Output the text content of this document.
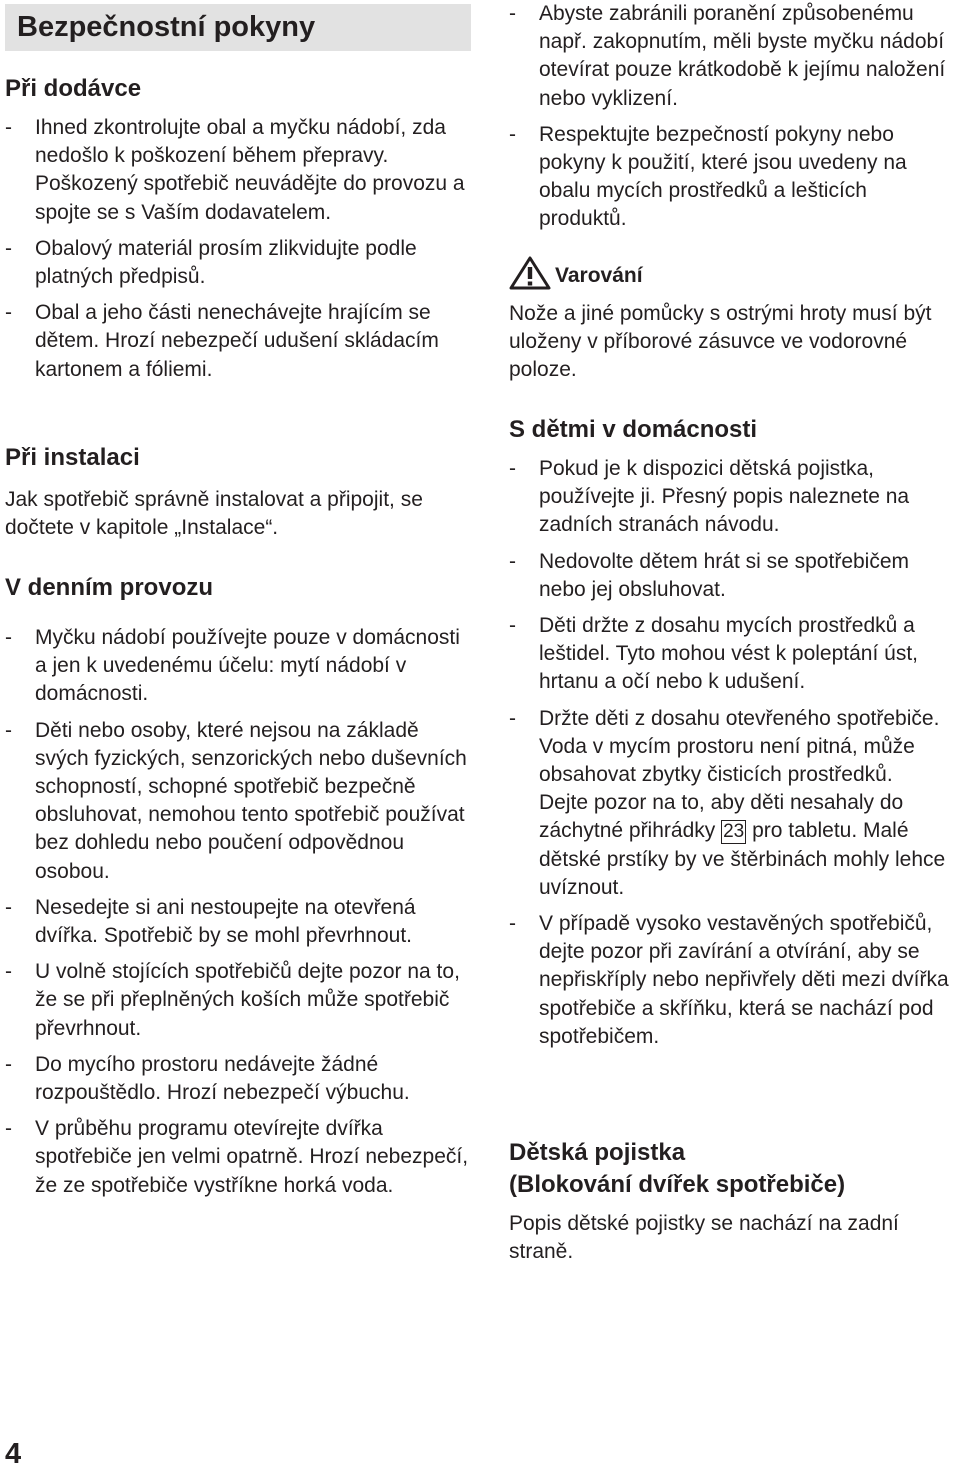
Bezpečnostní pokyny
Při dodávce
- Ihned zkontrolujte obal a myčku nádobí, zda nedošlo k poškození během přepravy. Poškozený spotřebič neuvádějte do provozu a spojte se s Vaším dodavatelem.
- Obalový materiál prosím zlikvidujte podle platných předpisů.
- Obal a jeho části nenechávejte hrajícím se dětem. Hrozí nebezpečí udušení skládacím kartonem a fóliemi.
Při instalaci

Jak spotřebič správně instalovat a připojit, se dočtete v kapitole „Instalace“.

V denním provozu
- Myčku nádobí používejte pouze v domácnosti a jen k uvedenému účelu: mytí nádobí v domácnosti.
- Děti nebo osoby, které nejsou na základě svých fyzických, senzorických nebo duševních schopností, schopné spotřebič bezpečně obsluhovat, nemohou tento spotřebič používat bez dohledu nebo poučení odpovědnou osobou.
- Nesedejte si ani nestoupejte na otevřená dvířka. Spotřebič by se mohl převrhnout.
- U volně stojících spotřebičů dejte pozor na to, že se při přeplněných koších může spotřebič převrhnout.
- Do mycího prostoru nedávejte žádné rozpouštědlo. Hrozí nebezpečí výbuchu.
- V průběhu programu otevírejte dvířka spotřebiče jen velmi opatrně. Hrozí nebezpečí, že ze spotřebiče vystříkne horká voda.
- Abyste zabránili poranění způsobenému např. zakopnutím, měli byste myčku nádobí otevírat pouze krátkodobě k jejímu naložení nebo vyklizení.
- Respektujte bezpečností pokyny nebo pokyny k použití, které jsou uvedeny na obalu mycích prostředků a lešticích produktů.
Varování

Nože a jiné pomůcky s ostrými hroty musí být uloženy v příborové zásuvce ve vodorovné poloze.

S dětmi v domácnosti
- Pokud je k dispozici dětská pojistka, používejte ji. Přesný popis naleznete na zadních stranách návodu.
- Nedovolte dětem hrát si se spotřebičem nebo jej obsluhovat.
- Děti držte z dosahu mycích prostředků a leštidel. Tyto mohou vést k poleptání úst, hrtanu a očí nebo k udušení.
- Držte děti z dosahu otevřeného spotřebiče. Voda v mycím prostoru není pitná, může obsahovat zbytky čisticích prostředků.
Dejte pozor na to, aby děti nesahaly do záchytné přihrádky 23 pro tabletu. Malé dětské prstíky by ve štěrbinách mohly lehce uvíznout.
- V případě vysoko vestavěných spotřebičů, dejte pozor při zavírání a otvírání, aby se nepřiskříply nebo nepřivřely děti mezi dvířka spotřebiče a skříňku, která se nachází pod spotřebičem.
Dětská pojistka
(Blokování dvířek spotřebiče)

Popis dětské pojistky se nachází na zadní straně.

4
